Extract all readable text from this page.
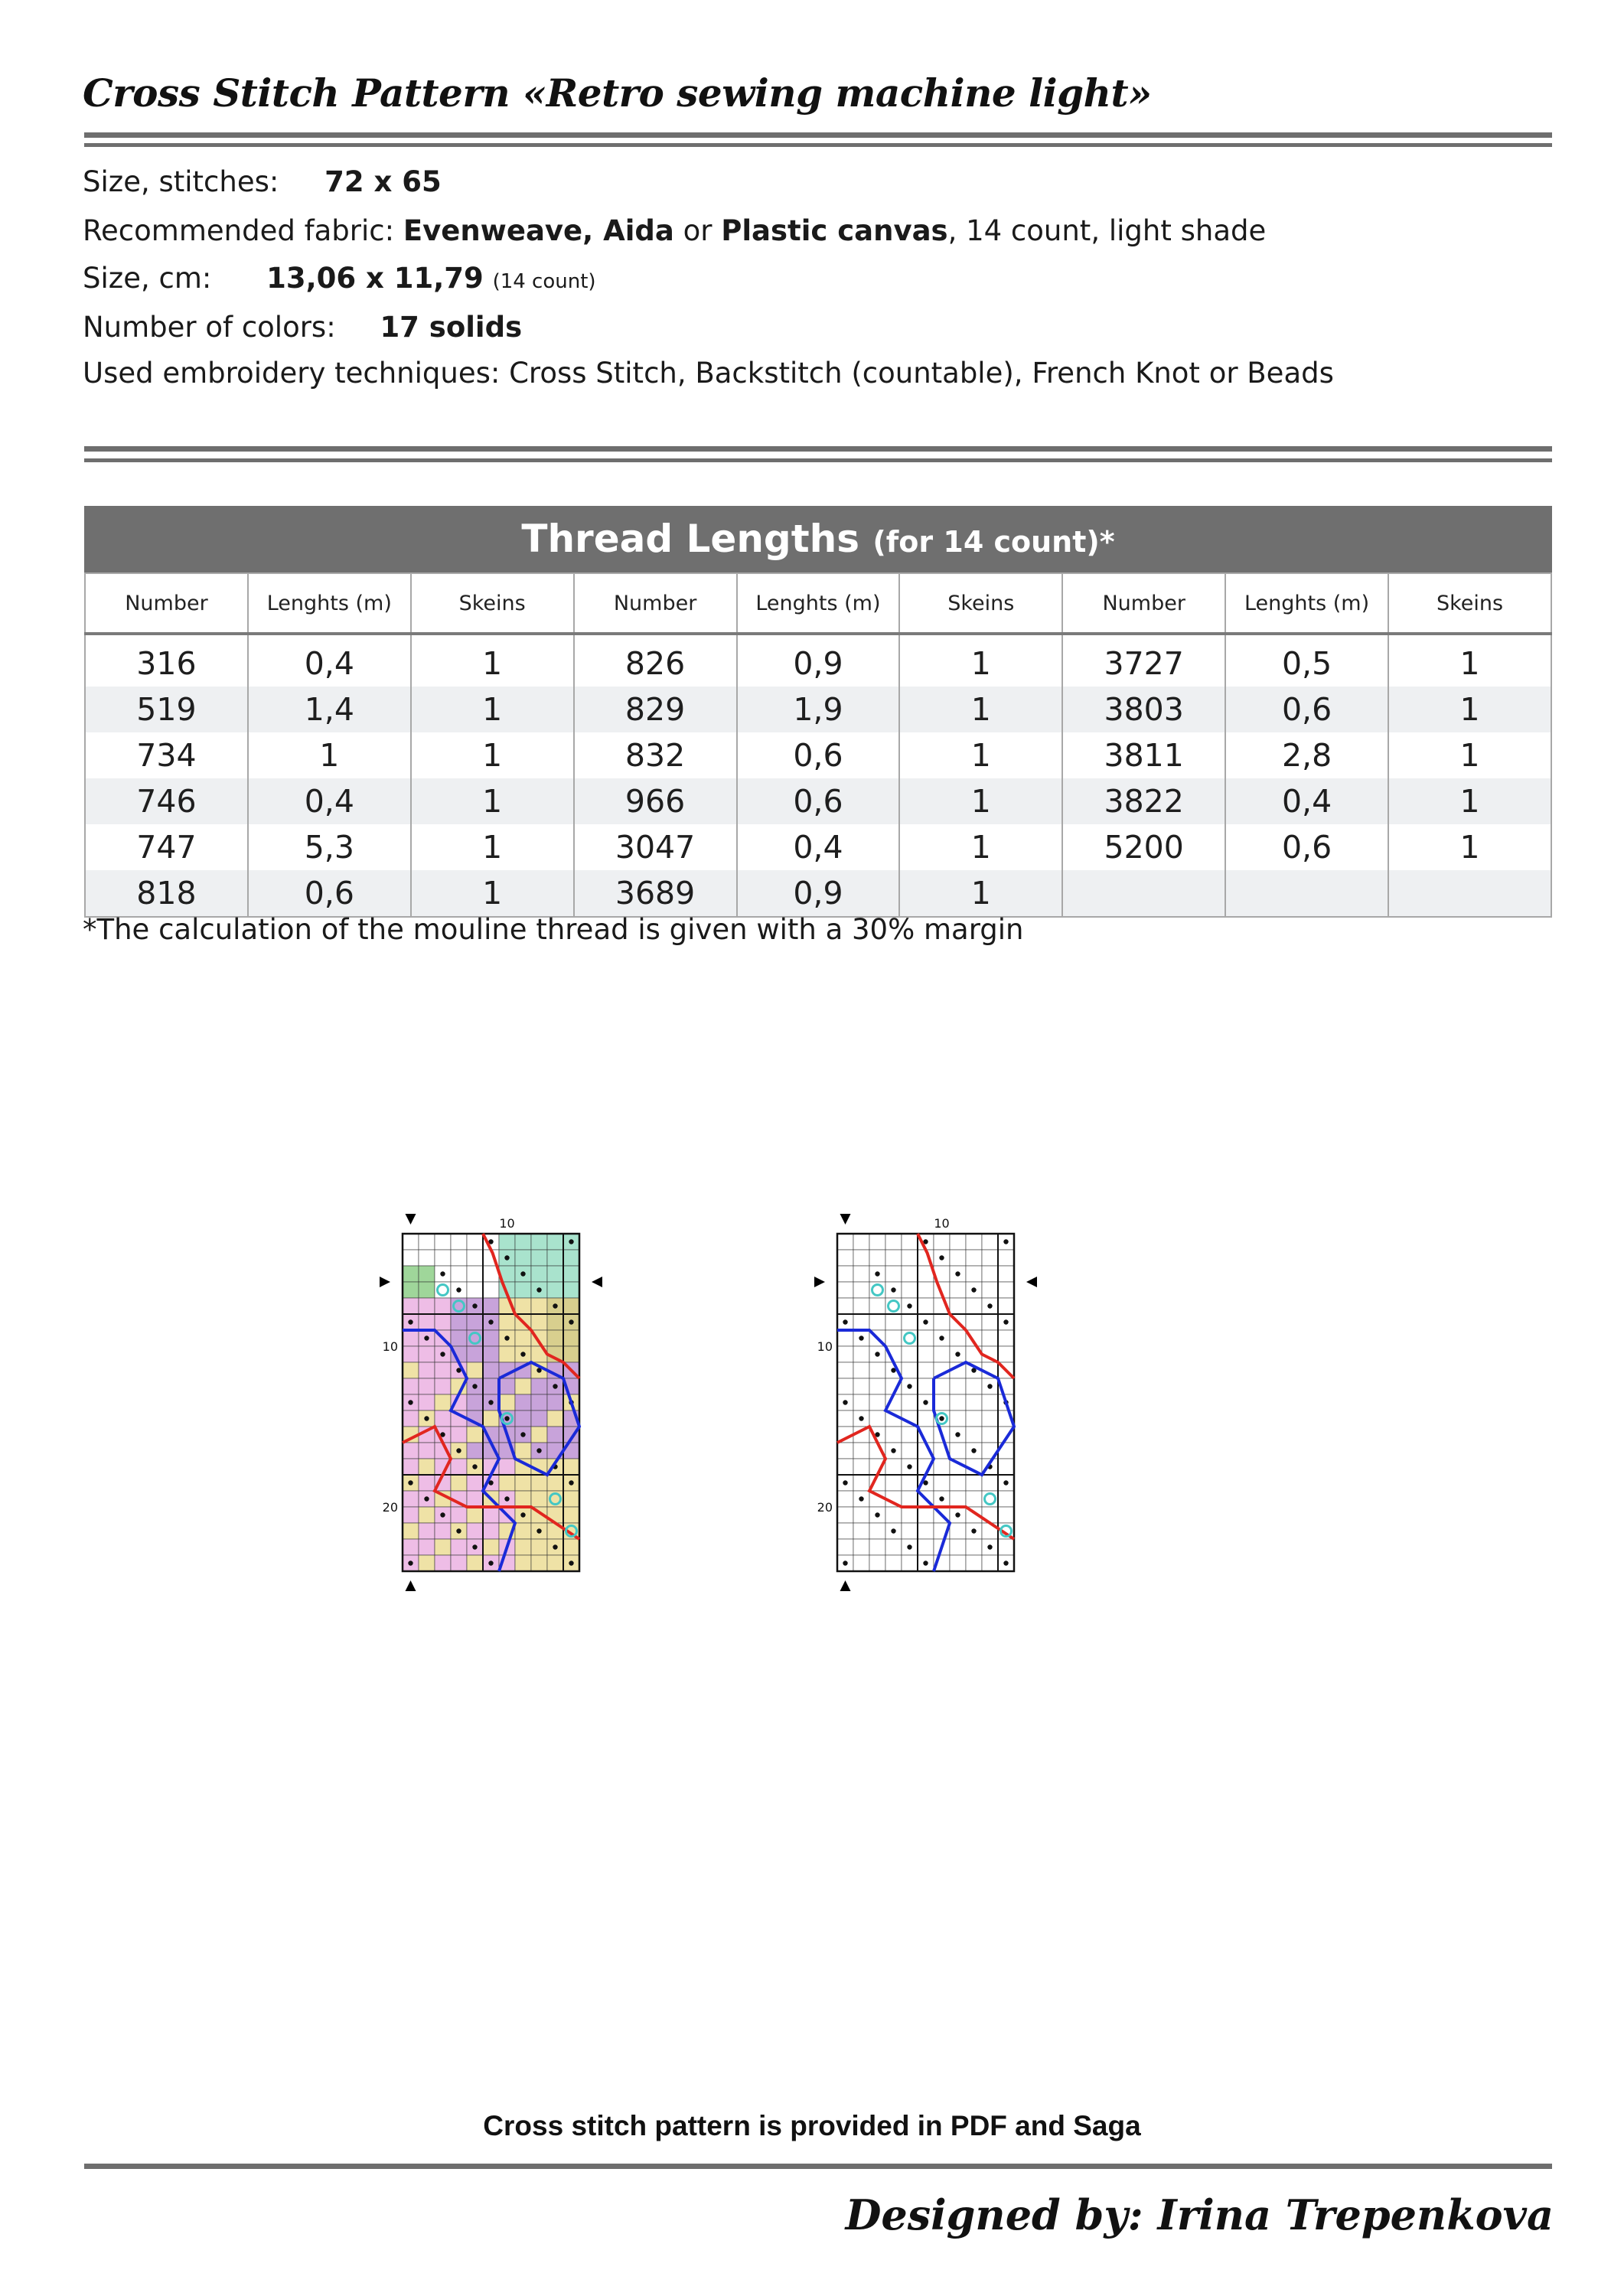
Cross Stitch Pattern «Retro sewing machine light»
Size, stitches: 72 x 65
Recommended fabric: Evenweave, Aida or Plastic canvas, 14 count, light shade
Size, cm: 13,06 x 11,79 (14 count)
Number of colors: 17 solids
Used embroidery techniques: Cross Stitch, Backstitch (countable), French Knot or Beads
Thread Lengths (for 14 count)*
Number	Lenghts (m)	Skeins	Number	Lenghts (m)	Skeins	Number	Lenghts (m)	Skeins
316	0,4	1	826	0,9	1	3727	0,5	1
519	1,4	1	829	1,9	1	3803	0,6	1
734	1	1	832	0,6	1	3811	2,8	1
746	0,4	1	966	0,6	1	3822	0,4	1
747	5,3	1	3047	0,4	1	5200	0,6	1
818	0,6	1	3689	0,9	1			
*The calculation of the mouline thread is given with a 30% margin
10
10
20
10
10
20
Cross stitch pattern is provided in PDF and Saga
Designed by: Irina Trepenkova
